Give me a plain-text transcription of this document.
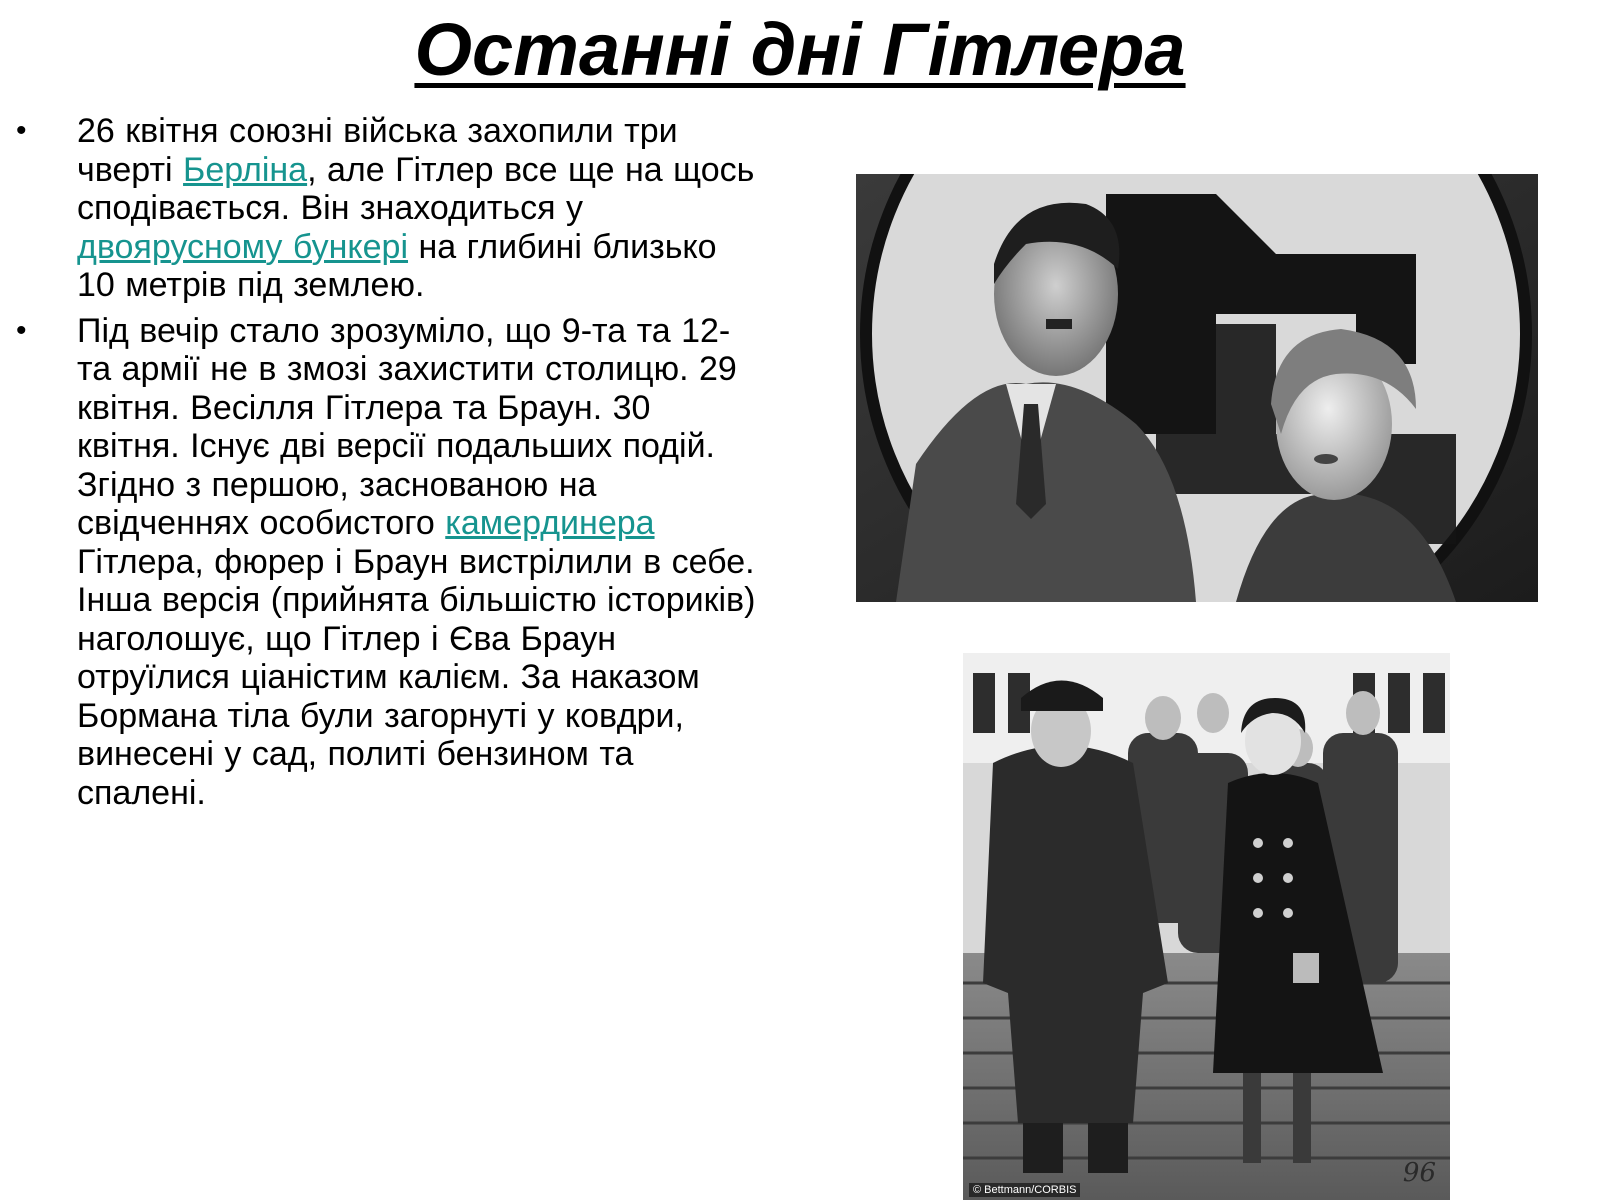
Останні дні Гітлера
• 26 квітня союзні війська захопили три чверті Берліна, але Гітлер все ще на щось сподівається. Він знаходиться у двоярусному бункері на глибині близько 10 метрів під землею.
• Під вечір стало зрозуміло, що 9-та та 12-та армії не в змозі захистити столицю. 29 квітня. Весілля Гітлера та Браун. 30 квітня. Існує дві версії подальших подій. Згідно з першою, заснованою на свідченнях особистого камердинера Гітлера, фюрер і Браун вистрілили в себе. Інша версія (прийнята більшістю істориків) наголошує, що Гітлер і Єва Браун отруїлися ціаністим калієм. За наказом Бормана тіла були загорнуті у ковдри, винесені у сад, политі бензином та спалені.
© Bettmann/CORBIS
96
